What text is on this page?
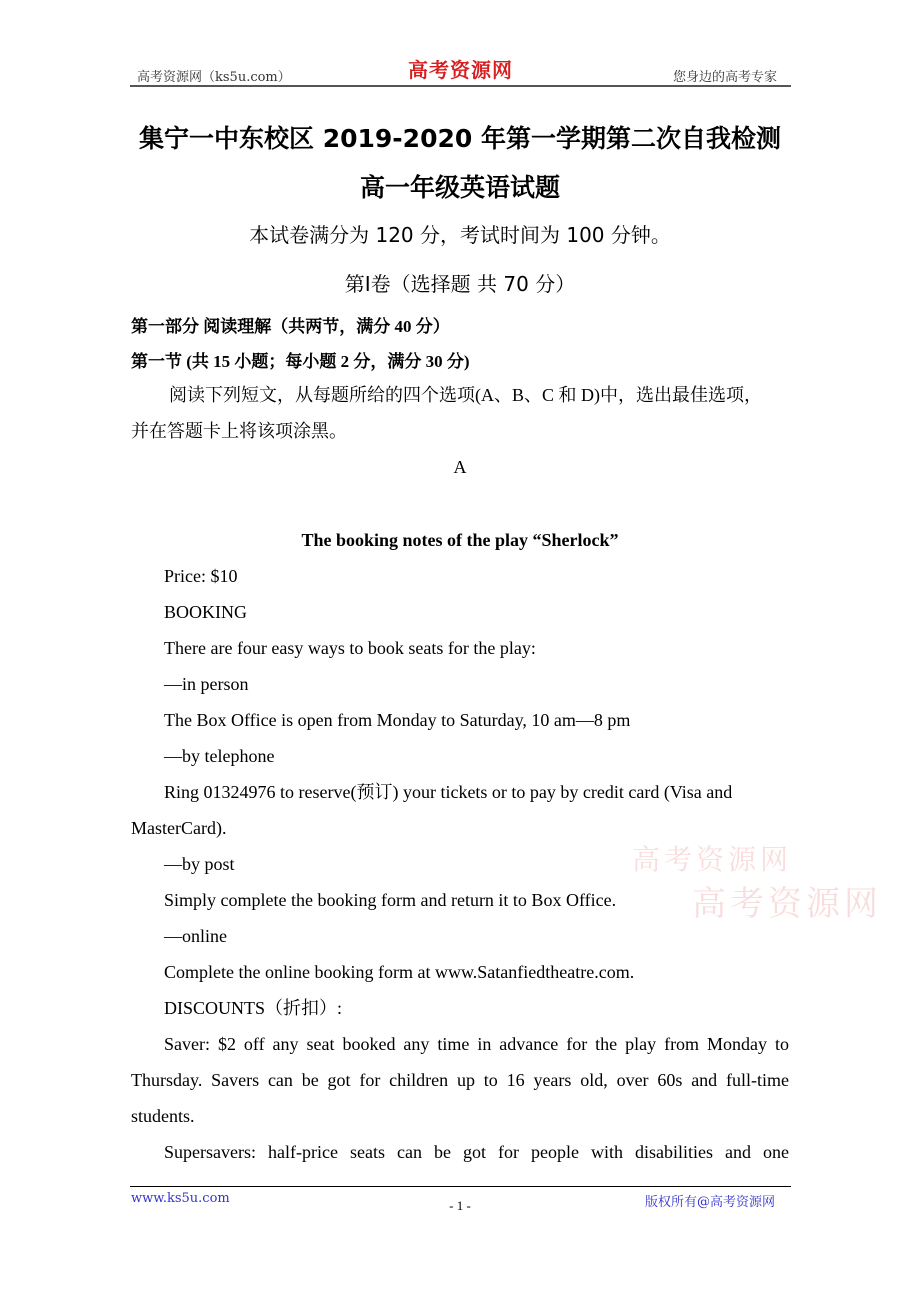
高考资源网（ks5u.com）	高考资源网	您身边的高考专家
集宁一中东校区 2019-2020 年第一学期第二次自我检测
高一年级英语试题
本试卷满分为 120 分，考试时间为 100 分钟。
第Ⅰ卷（选择题 共 70 分）
第一部分 阅读理解（共两节，满分 40 分）
第一节 (共 15 小题；每小题 2 分，满分 30 分)
阅读下列短文，从每题所给的四个选项(A、B、C 和 D)中，选出最佳选项，
并在答题卡上将该项涂黑。
A
The booking notes of the play “Sherlock”
Price: $10
BOOKING
There are four easy ways to book seats for the play:
—in person
The Box Office is open from Monday to Saturday, 10 am—8 pm
—by telephone
Ring 01324976 to reserve(预订) your tickets or to pay by credit card (Visa and
MasterCard).
—by post
Simply complete the booking form and return it to Box Office.
—online
Complete the online booking form at www.Satanfiedtheatre.com.
DISCOUNTS（折扣）:
Saver: $2 off any seat booked any time in advance for the play from Monday to Thursday. Savers can be got for children up to 16 years old, over 60s and full-time students.
Supersavers: half-price seats can be got for people with disabilities and one
高考资源网
高考资源网
www.ks5u.com	- 1 -	版权所有@高考资源网
